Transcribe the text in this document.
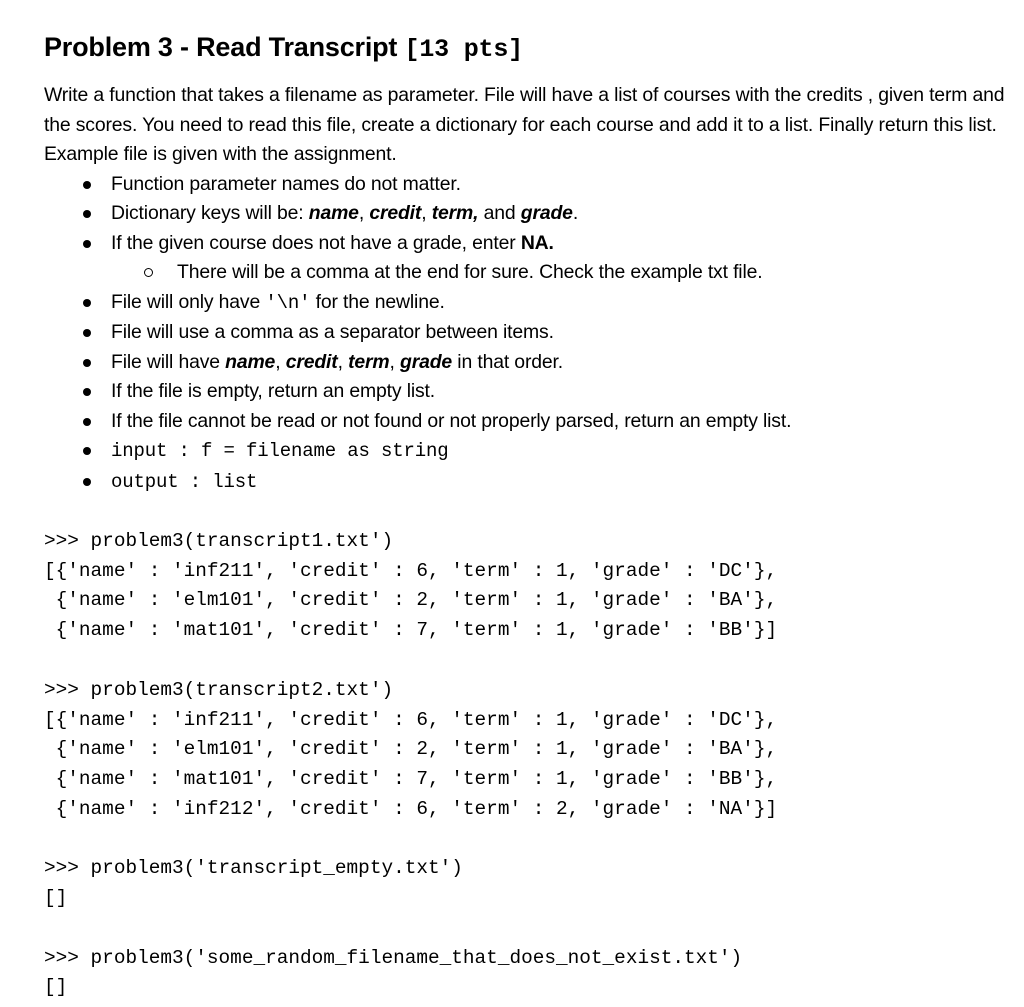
Problem 3 - Read Transcript [13 pts]

Write a function that takes a filename as parameter. File will have a list of courses with the credits , given term and the scores. You need to read this file, create a dictionary for each course and add it to a list. Finally return this list. Example file is given with the assignment.

Function parameter names do not matter.
Dictionary keys will be: name, credit, term, and grade.
If the given course does not have a grade, enter NA.
There will be a comma at the end for sure. Check the example txt file.
File will only have '\n' for the newline.
File will use a comma as a separator between items.
File will have name, credit, term, grade in that order.
If the file is empty, return an empty list.
If the file cannot be read or not found or not properly parsed, return an empty list.
input : f = filename as string
output : list
>>> problem3(transcript1.txt')
[{'name' : 'inf211', 'credit' : 6, 'term' : 1, 'grade' : 'DC'},
{'name' : 'elm101', 'credit' : 2, 'term' : 1, 'grade' : 'BA'},
{'name' : 'mat101', 'credit' : 7, 'term' : 1, 'grade' : 'BB'}]
>>> problem3(transcript2.txt')
[{'name' : 'inf211', 'credit' : 6, 'term' : 1, 'grade' : 'DC'},
{'name' : 'elm101', 'credit' : 2, 'term' : 1, 'grade' : 'BA'},
{'name' : 'mat101', 'credit' : 7, 'term' : 1, 'grade' : 'BB'},
{'name' : 'inf212', 'credit' : 6, 'term' : 2, 'grade' : 'NA'}]
>>> problem3('transcript_empty.txt')
[]
>>> problem3('some_random_filename_that_does_not_exist.txt')
[]
